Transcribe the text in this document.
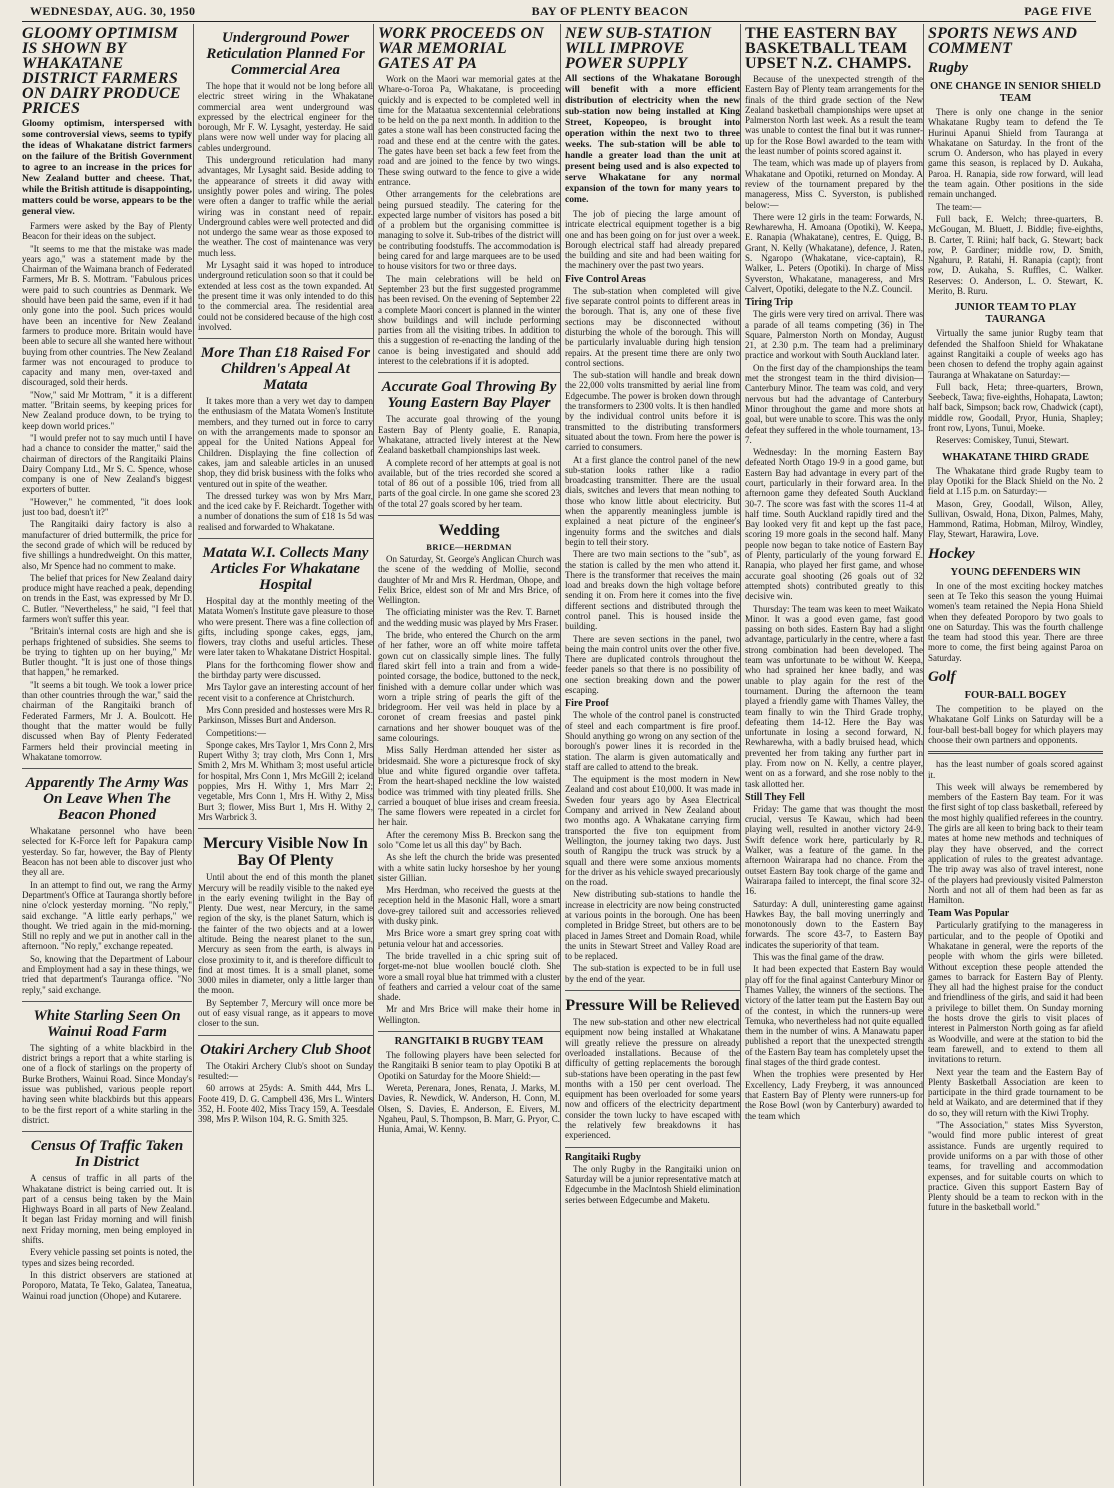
WEDNESDAY, AUG. 30, 1950	BAY OF PLENTY BEACON	PAGE FIVE
GLOOMY OPTIMISM IS SHOWN BY WHAKATANE DISTRICT FARMERS ON DAIRY PRODUCE PRICES

Gloomy optimism, interspersed with some controversial views, seems to typify the ideas of Whakatane district farmers on the failure of the British Government to agree to an increase in the prices for New Zealand butter and cheese. That, while the British attitude is disappointing, matters could be worse, appears to be the general view.

Farmers were asked by the Bay of Plenty Beacon for their ideas on the subject.

"It seems to me that the mistake was made years ago," was a statement made by the Chairman of the Waimana branch of Federated Farmers, Mr B. S. Mottram. "Fabulous prices were paid to such countries as Denmark. We should have been paid the same, even if it had only gone into the pool. Such prices would have been an incentive for New Zealand farmers to produce more. Britain would have been able to secure all she wanted here without buying from other countries. The New Zealand farmer was not encouraged to produce to capacity and many men, over-taxed and discouraged, sold their herds.

"Now," said Mr Mottram, " it is a different matter. "Britain seems, by keeping prices for New Zealand produce down, to be trying to keep down world prices."

"I would prefer not to say much until I have had a chance to consider the matter," said the chairman of directors of the Rangitaiki Plains Dairy Company Ltd., Mr S. C. Spence, whose company is one of New Zealand's biggest exporters of butter.

"However," he commented, "it does look just too bad, doesn't it?"

The Rangitaiki dairy factory is also a manufacturer of dried buttermilk, the price for the second grade of which will be reduced by five shillings a hundredweight. On this matter, also, Mr Spence had no comment to make.

The belief that prices for New Zealand dairy produce might have reached a peak, depending on trends in the East, was expressed by Mr D. C. Butler. "Nevertheless," he said, "I feel that farmers won't suffer this year.

"Britain's internal costs are high and she is perhaps frightened of subsidies. She seems to be trying to tighten up on her buying," Mr Butler thought. "It is just one of those things that happen," he remarked.

"It seems a bit tough. We took a lower price than other countries through the war," said the chairman of the Rangitaiki branch of Federated Farmers, Mr J. A. Boulcott. He thought that the matter would be fully discussed when Bay of Plenty Federated Farmers held their provincial meeting in Whakatane tomorrow.

Apparently The Army Was On Leave When The Beacon Phoned

Whakatane personnel who have been selected for K-Force left for Papakura camp yesterday. So far, however, the Bay of Plenty Beacon has not been able to discover just who they all are.

In an attempt to find out, we rang the Army Department's Office at Tauranga shortly before nine o'clock yesterday morning. "No reply," said exchange. "A little early perhaps," we thought. We tried again in the mid-morning. Still no reply and we put in another call in the afternoon. "No reply," exchange repeated.

So, knowing that the Department of Labour and Employment had a say in these things, we tried that department's Tauranga office. "No reply," said exchange.

White Starling Seen On Wainui Road Farm

The sighting of a white blackbird in the district brings a report that a white starling is one of a flock of starlings on the property of Burke Brothers, Wainui Road. Since Monday's issue was published, various people report having seen white blackbirds but this appears to be the first report of a white starling in the district.

Census Of Traffic Taken In District

A census of traffic in all parts of the Whakatane district is being carried out. It is part of a census being taken by the Main Highways Board in all parts of New Zealand. It began last Friday morning and will finish next Friday morning, men being employed in shifts.

Every vehicle passing set points is noted, the types and sizes being recorded.

In this district observers are stationed at Poroporo, Matata, Te Teko, Galatea, Taneatua, Wainui road junction (Ohope) and Kutarere.

Underground Power Reticulation Planned For Commercial Area

The hope that it would not be long before all electric street wiring in the Whakatane commercial area went underground was expressed by the electrical engineer for the borough, Mr F. W. Lysaght, yesterday. He said plans were now well under way for placing all cables underground.

This underground reticulation had many advantages, Mr Lysaght said. Beside adding to the appearance of streets it did away with unsightly power poles and wiring. The poles were often a danger to traffic while the aerial wiring was in constant need of repair. Underground cables were well protected and did not undergo the same wear as those exposed to the weather. The cost of maintenance was very much less.

Mr Lysaght said it was hoped to introduce underground reticulation soon so that it could be extended at less cost as the town expanded. At the present time it was only intended to do this to the commercial area. The residential area could not be considered because of the high cost involved.

More Than £18 Raised For Children's Appeal At Matata

It takes more than a very wet day to dampen the enthusiasm of the Matata Women's Institute members, and they turned out in force to carry on with the arrangements made to sponsor an appeal for the United Nations Appeal for Children. Displaying the fine collection of cakes, jam and saleable articles in an unused shop, they did brisk business with the folks who ventured out in spite of the weather.

The dressed turkey was won by Mrs Marr, and the iced cake by F. Reichardt. Together with a number of donations the sum of £18 1s 5d was realised and forwarded to Whakatane.

Matata W.I. Collects Many Articles For Whakatane Hospital

Hospital day at the monthly meeting of the Matata Women's Institute gave pleasure to those who were present. There was a fine collection of gifts, including sponge cakes, eggs, jam, flowers, tray cloths and useful articles. These were later taken to Whakatane District Hospital.

Plans for the forthcoming flower show and the birthday party were discussed.

Mrs Taylor gave an interesting account of her recent visit to a conference at Christchurch.

Mrs Conn presided and hostesses were Mrs R. Parkinson, Misses Burt and Anderson.

Competitions:—

Sponge cakes, Mrs Taylor 1, Mrs Conn 2, Mrs Rupert Withy 3; tray cloth, Mrs Conn 1, Mrs Smith 2, Mrs M. Whitham 3; most useful article for hospital, Mrs Conn 1, Mrs McGill 2; iceland poppies, Mrs H. Withy 1, Mrs Marr 2; vegetable, Mrs Conn 1, Mrs H. Withy 2, Miss Burt 3; flower, Miss Burt 1, Mrs H. Withy 2, Mrs Warbrick 3.

Mercury Visible Now In Bay Of Plenty

Until about the end of this month the planet Mercury will be readily visible to the naked eye in the early evening twilight in the Bay of Plenty. Due west, near Mercury, in the same region of the sky, is the planet Saturn, which is the fainter of the two objects and at a lower altitude. Being the nearest planet to the sun, Mercury as seen from the earth, is always in close proximity to it, and is therefore difficult to find at most times. It is a small planet, some 3000 miles in diameter, only a little larger than the moon.

By September 7, Mercury will once more be out of easy visual range, as it appears to move closer to the sun.

Otakiri Archery Club Shoot

The Otakiri Archery Club's shoot on Sunday resulted:—

60 arrows at 25yds: A. Smith 444, Mrs L. Foote 419, D. G. Campbell 436, Mrs L. Winters 352, H. Foote 402, Miss Tracy 159, A. Teesdale 398, Mrs P. Wilson 104, R. G. Smith 325.

WORK PROCEEDS ON WAR MEMORIAL GATES AT PA

Work on the Maori war memorial gates at the Whare-o-Toroa Pa, Whakatane, is proceeding quickly and is expected to be completed well in time for the Mataatua sexcentennial celebrations to be held on the pa next month. In addition to the gates a stone wall has been constructed facing the road and these end at the centre with the gates. The gates have been set back a few feet from the road and are joined to the fence by two wings. These swing outward to the fence to give a wide entrance.

Other arrangements for the celebrations are being pursued steadily. The catering for the expected large number of visitors has posed a bit of a problem but the organising committee is managing to solve it. Sub-tribes of the district will be contributing foodstuffs. The accommodation is being cared for and large marquees are to be used to house visitors for two or three days.

The main celebrations will be held on September 23 but the first suggested programme has been revised. On the evening of September 22 a complete Maori concert is planned in the winter show buildings and will include performing parties from all the visiting tribes. In addition to this a suggestion of re-enacting the landing of the canoe is being investigated and should add interest to the celebrations if it is adopted.

Accurate Goal Throwing By Young Eastern Bay Player

The accurate goal throwing of the young Eastern Bay of Plenty goalie, E. Ranapia, Whakatane, attracted lively interest at the New Zealand basketball championships last week.

A complete record of her attempts at goal is not available, but of the tries recorded she scored a total of 86 out of a possible 106, tried from all parts of the goal circle. In one game she scored 23 of the total 27 goals scored by her team.

Wedding

BRICE—HERDMAN

On Saturday, St. George's Anglican Church was the scene of the wedding of Mollie, second daughter of Mr and Mrs R. Herdman, Ohope, and Felix Brice, eldest son of Mr and Mrs Brice, of Wellington.

The officiating minister was the Rev. T. Barnet and the wedding music was played by Mrs Fraser.

The bride, who entered the Church on the arm of her father, wore an off white moire taffeta gown cut on classically simple lines. The fully flared skirt fell into a train and from a wide-pointed corsage, the bodice, buttoned to the neck, finished with a demure collar under which was worn a triple string of pearls the gift of the bridegroom. Her veil was held in place by a coronet of cream freesias and pastel pink carnations and her shower bouquet was of the same colourings.

Miss Sally Herdman attended her sister as bridesmaid. She wore a picturesque frock of sky blue and white figured organdie over taffeta. From the heart-shaped neckline the low waisted bodice was trimmed with tiny pleated frills. She carried a bouquet of blue irises and cream freesia. The same flowers were repeated in a circlet for her hair.

After the ceremony Miss B. Breckon sang the solo "Come let us all this day" by Bach.

As she left the church the bride was presented with a white satin lucky horseshoe by her young sister Gillian.

Mrs Herdman, who received the guests at the reception held in the Masonic Hall, wore a smart dove-grey tailored suit and accessories relieved with dusky pink.

Mrs Brice wore a smart grey spring coat with petunia velour hat and accessories.

The bride travelled in a chic spring suit of forget-me-not blue woollen bouclé cloth. She wore a small royal blue hat trimmed with a cluster of feathers and carried a velour coat of the same shade.

Mr and Mrs Brice will make their home in Wellington.

RANGITAIKI B RUGBY TEAM

The following players have been selected for the Rangitaiki B senior team to play Opotiki B at Opotiki on Saturday for the Moore Shield:—

Wereta, Perenara, Jones, Renata, J. Marks, M. Davies, R. Newdick, W. Anderson, H. Conn, M. Olsen, S. Davies, E. Anderson, E. Eivers, M. Ngaheu, Paul, S. Thompson, B. Marr, G. Pryor, C. Hunia, Amai, W. Kenny.

NEW SUB-STATION WILL IMPROVE POWER SUPPLY

All sections of the Whakatane Borough will benefit with a more efficient distribution of electricity when the new sub-station now being installed at King Street, Kopeopeo, is brought into operation within the next two to three weeks. The sub-station will be able to handle a greater load than the unit at present being used and is also expected to serve Whakatane for any normal expansion of the town for many years to come.

The job of piecing the large amount of intricate electrical equipment together is a big one and has been going on for just over a week. Borough electrical staff had already prepared the building and site and had been waiting for the machinery over the past two years.

Five Control Areas

The sub-station when completed will give five separate control points to different areas in the borough. That is, any one of these five sections may be disconnected without disturbing the whole of the borough. This will be particularly invaluable during high tension repairs. At the present time there are only two control sections.

The sub-station will handle and break down the 22,000 volts transmitted by aerial line from Edgecumbe. The power is broken down through the transformers to 2300 volts. It is then handled by the individual control units before it is transmitted to the distributing transformers situated about the town. From here the power is carried to consumers.

At a first glance the control panel of the new sub-station looks rather like a radio broadcasting transmitter. There are the usual dials, switches and levers that mean nothing to those who know little about electricity. But when the apparently meaningless jumble is explained a neat picture of the engineer's ingenuity forms and the switches and dials begin to tell their story.

There are two main sections to the "sub", as the station is called by the men who attend it. There is the transformer that receives the main load and breaks down the high voltage before sending it on. From here it comes into the five different sections and distributed through the control panel. This is housed inside the building.

There are seven sections in the panel, two being the main control units over the other five. There are duplicated controls throughout the feeder panels so that there is no possibility of one section breaking down and the power escaping.

Fire Proof

The whole of the control panel is constructed of steel and each compartment is fire proof. Should anything go wrong on any section of the borough's power lines it is recorded in the station. The alarm is given automatically and staff are called to attend to the break.

The equipment is the most modern in New Zealand and cost about £10,000. It was made in Sweden four years ago by Asea Electrical Company and arrived in New Zealand about two months ago. A Whakatane carrying firm transported the five ton equipment from Wellington, the journey taking two days. Just south of Rangipu the truck was struck by a squall and there were some anxious moments for the driver as his vehicle swayed precariously on the road.

New distributing sub-stations to handle the increase in electricity are now being constructed at various points in the borough. One has been completed in Bridge Street, but others are to be placed in James Street and Domain Road, while the units in Stewart Street and Valley Road are to be replaced.

The sub-station is expected to be in full use by the end of the year.

Pressure Will be Relieved

The new sub-station and other new electrical equipment now being installed at Whakatane will greatly relieve the pressure on already overloaded installations. Because of the difficulty of getting replacements the borough sub-stations have been operating in the past few months with a 150 per cent overload. The equipment has been overloaded for some years now and officers of the electricity department consider the town lucky to have escaped with the relatively few breakdowns it has experienced.

Rangitaiki Rugby

The only Rugby in the Rangitaiki union on Saturday will be a junior representative match at Edgecumbe in the MacIntosh Shield elimination series between Edgecumbe and Maketu.

THE EASTERN BAY BASKETBALL TEAM UPSET N.Z. CHAMPS.

Because of the unexpected strength of the Eastern Bay of Plenty team arrangements for the finals of the third grade section of the New Zealand basketball championships were upset at Palmerston North last week. As a result the team was unable to contest the final but it was runner-up for the Rose Bowl awarded to the team with the least number of points scored against it.

The team, which was made up of players from Whakatane and Opotiki, returned on Monday. A review of the tournament prepared by the manageress, Miss C. Syverston, is published below:—

There were 12 girls in the team: Forwards, N. Rewharewha, H. Amoana (Opotiki), W. Keepa, E. Ranapia (Whakatane), centres, E. Quigg, B. Grant, N. Kelly (Whakatane), defence, J. Raten, S. Ngaropo (Whakatane, vice-captain), R. Walker, L. Peters (Opotiki). In charge of Miss Syverston, Whakatane, manageress, and Mrs Calvert, Opotiki, delegate to the N.Z. Council.

Tiring Trip

The girls were very tired on arrival. There was a parade of all teams competing (36) in The Square, Palmerston North on Monday, August 21, at 2.30 p.m. The team had a preliminary practice and workout with South Auckland later.

On the first day of the championships the team met the strongest team in the third division—Canterbury Minor. The team was cold, and very nervous but had the advantage of Canterbury Minor throughout the game and more shots at goal, but were unable to score. This was the only defeat they suffered in the whole tournament, 13-7.

Wednesday: In the morning Eastern Bay defeated North Otago 19-9 in a good game, but Eastern Bay had advantage in every part of the court, particularly in their forward area. In the afternoon game they defeated South Auckland 30-7. The score was fast with the scores 11-4 at half time. South Auckland rapidly tired and the Bay looked very fit and kept up the fast pace, scoring 19 more goals in the second half. Many people now began to take notice of Eastern Bay of Plenty, particularly of the young forward E. Ranapia, who played her first game, and whose accurate goal shooting (26 goals out of 32 attempted shots) contributed greatly to this decisive win.

Thursday: The team was keen to meet Waikato Minor. It was a good even game, fast good passing on both sides. Eastern Bay had a slight advantage, particularly in the centre, where a fast strong combination had been developed. The team was unfortunate to be without W. Keepa, who had sprained her knee badly, and was unable to play again for the rest of the tournament. During the afternoon the team played a friendly game with Thames Valley, the team finally to win the Third Grade trophy, defeating them 14-12. Here the Bay was unfortunate in losing a second forward, N. Rewharewha, with a badly bruised head, which prevented her from taking any further part in play. From now on N. Kelly, a centre player, went on as a forward, and she rose nobly to the task allotted her.

Still They Fell

Friday: The game that was thought the most crucial, versus Te Kawau, which had been playing well, resulted in another victory 24-9. Swift defence work here, particularly by R. Walker, was a feature of the game. In the afternoon Wairarapa had no chance. From the outset Eastern Bay took charge of the game and Wairarapa failed to intercept, the final score 32-16.

Saturday: A dull, uninteresting game against Hawkes Bay, the ball moving unerringly and monotonously down to the Eastern Bay forwards. The score 43-7, to Eastern Bay indicates the superiority of that team.

This was the final game of the draw.

It had been expected that Eastern Bay would play off for the final against Canterbury Minor or Thames Valley, the winners of the sections. The victory of the latter team put the Eastern Bay out of the contest, in which the runners-up were Temuka, who nevertheless had not quite equalled them in the number of wins. A Manawatu paper published a report that the unexpected strength of the Eastern Bay team has completely upset the final stages of the third grade contest.

When the trophies were presented by Her Excellency, Lady Freyberg, it was announced that Eastern Bay of Plenty were runners-up for the Rose Bowl (won by Canterbury) awarded to the team which

SPORTS NEWS AND COMMENT
Rugby
ONE CHANGE IN SENIOR SHIELD TEAM

There is only one change in the senior Whakatane Rugby team to defend the Te Hurinui Apanui Shield from Tauranga at Whakatane on Saturday. In the front of the scrum O. Anderson, who has played in every game this season, is replaced by D. Aukaha, Paroa. H. Ranapia, side row forward, will lead the team again. Other positions in the side remain unchanged.

The team:—

Full back, E. Welch; three-quarters, B. McGougan, M. Bluett, J. Biddle; five-eighths, B. Carter, T. Riini; half back, G. Stewart; back row, P. Gardiner; middle row, D. Smith, Ngahuru, P. Ratahi, H. Ranapia (capt); front row, D. Aukaha, S. Ruffles, C. Walker. Reserves: O. Anderson, L. O. Stewart, K. Merito, B. Ruru.

JUNIOR TEAM TO PLAY TAURANGA

Virtually the same junior Rugby team that defended the Shalfoon Shield for Whakatane against Rangitaiki a couple of weeks ago has been chosen to defend the trophy again against Tauranga at Whakatane on Saturday:—

Full back, Heta; three-quarters, Brown, Seebeck, Tawa; five-eighths, Hohapata, Lawton; half back, Simpson; back row, Chadwick (capt), middle row, Goodall, Pryor, Hunia, Shapley; front row, Lyons, Tunui, Moeke.

Reserves: Comiskey, Tunui, Stewart.

WHAKATANE THIRD GRADE

The Whakatane third grade Rugby team to play Opotiki for the Black Shield on the No. 2 field at 1.15 p.m. on Saturday:—

Mason, Grey, Goodall, Wilson, Alley, Sullivan, Oswald, Hona, Dixon, Palmes, Mahy, Hammond, Ratima, Hobman, Milroy, Windley, Flay, Stewart, Harawira, Love.

Hockey
YOUNG DEFENDERS WIN

In one of the most exciting hockey matches seen at Te Teko this season the young Huimai women's team retained the Nepia Hona Shield when they defeated Poroporo by two goals to one on Saturday. This was the fourth challenge the team had stood this year. There are three more to come, the first being against Paroa on Saturday.

Golf
FOUR-BALL BOGEY

The competition to be played on the Whakatane Golf Links on Saturday will be a four-ball best-ball bogey for which players may choose their own partners and opponents.

has the least number of goals scored against it.

This week will always be remembered by members of the Eastern Bay team. For it was the first sight of top class basketball, refereed by the most highly qualified referees in the country. The girls are all keen to bring back to their team mates at home new methods and techniques of play they have observed, and the correct application of rules to the greatest advantage. The trip away was also of travel interest, none of the players had previously visited Palmerston North and not all of them had been as far as Hamilton.

Team Was Popular

Particularly gratifying to the manageress in particular, and to the people of Opotiki and Whakatane in general, were the reports of the people with whom the girls were billeted. Without exception these people attended the games to barrack for Eastern Bay of Plenty. They all had the highest praise for the conduct and friendliness of the girls, and said it had been a privilege to billet them. On Sunday morning the hosts drove the girls to visit places of interest in Palmerston North going as far afield as Woodville, and were at the station to bid the team farewell, and to extend to them all invitations to return.

Next year the team and the Eastern Bay of Plenty Basketball Association are keen to participate in the third grade tournament to be held at Waikato, and are determined that if they do so, they will return with the Kiwi Trophy.

"The Association," states Miss Syverston, "would find more public interest of great assistance. Funds are urgently required to provide uniforms on a par with those of other teams, for travelling and accommodation expenses, and for suitable courts on which to practice. Given this support Eastern Bay of Plenty should be a team to reckon with in the future in the basketball world."
